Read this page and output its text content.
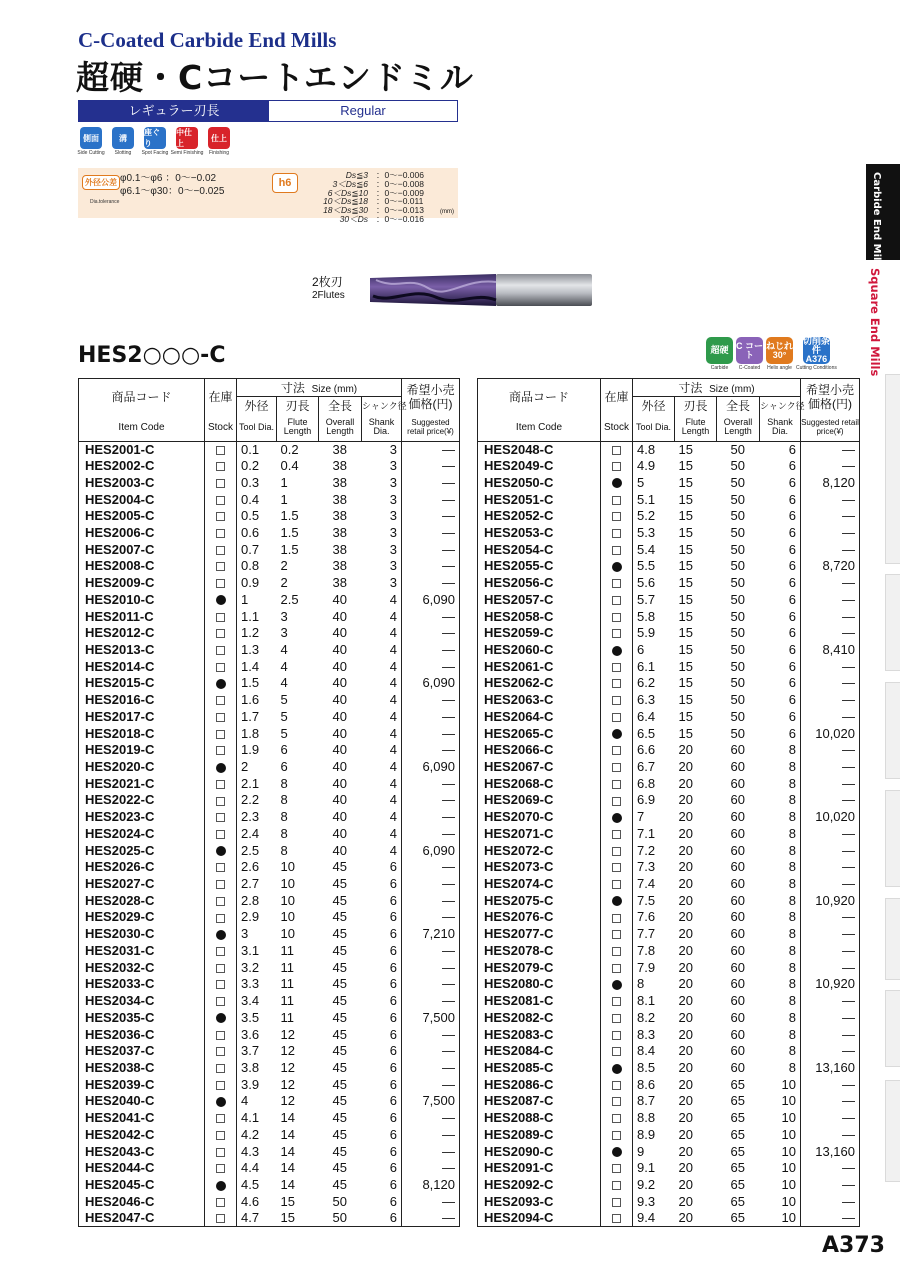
C-Coated Carbide End Mills
超硬・Cコートエンドミル
レギュラー刃長	Regular
側面
Side Cutting
溝
Slotting
座ぐり
Spot Facing
中仕上
Semi Finishing
仕上
Finishing
外径公差 φ0.1～φ6 ：0～−0.02
φ6.1～φ30：0～−0.025
Dia.tolerance
h6
Ds≦3 ：0～−0.006
3＜Ds≦6 ：0～−0.008
6＜Ds≦10 ：0～−0.009
10＜Ds≦18 ：0～−0.011
18＜Ds≦30 ：0～−0.013
30＜Ds ：0～−0.016
(mm)
2枚刃
2Flutes
HES2○○○-C	超硬
Carbide
C コート
C-Coated
ねじれ 30°
Helix angle
切削条件 A376
Cutting Conditions
Carbide End Mills
Square End Mills
商品コード	在庫	寸法 Size (mm)				希望小売価格(円)
		外径	刃長	全長	シャンク径	
Item Code	Stock	Tool Dia.	Flute Length	Overall Length	Shank Dia.	Suggested retail price(¥)
HES2001-C		0.1	0.2	38	3	―
HES2002-C		0.2	0.4	38	3	―
HES2003-C		0.3	1	38	3	―
HES2004-C		0.4	1	38	3	―
HES2005-C		0.5	1.5	38	3	―
HES2006-C		0.6	1.5	38	3	―
HES2007-C		0.7	1.5	38	3	―
HES2008-C		0.8	2	38	3	―
HES2009-C		0.9	2	38	3	―
HES2010-C		1	2.5	40	4	6,090
HES2011-C		1.1	3	40	4	―
HES2012-C		1.2	3	40	4	―
HES2013-C		1.3	4	40	4	―
HES2014-C		1.4	4	40	4	―
HES2015-C		1.5	4	40	4	6,090
HES2016-C		1.6	5	40	4	―
HES2017-C		1.7	5	40	4	―
HES2018-C		1.8	5	40	4	―
HES2019-C		1.9	6	40	4	―
HES2020-C		2	6	40	4	6,090
HES2021-C		2.1	8	40	4	―
HES2022-C		2.2	8	40	4	―
HES2023-C		2.3	8	40	4	―
HES2024-C		2.4	8	40	4	―
HES2025-C		2.5	8	40	4	6,090
HES2026-C		2.6	10	45	6	―
HES2027-C		2.7	10	45	6	―
HES2028-C		2.8	10	45	6	―
HES2029-C		2.9	10	45	6	―
HES2030-C		3	10	45	6	7,210
HES2031-C		3.1	11	45	6	―
HES2032-C		3.2	11	45	6	―
HES2033-C		3.3	11	45	6	―
HES2034-C		3.4	11	45	6	―
HES2035-C		3.5	11	45	6	7,500
HES2036-C		3.6	12	45	6	―
HES2037-C		3.7	12	45	6	―
HES2038-C		3.8	12	45	6	―
HES2039-C		3.9	12	45	6	―
HES2040-C		4	12	45	6	7,500
HES2041-C		4.1	14	45	6	―
HES2042-C		4.2	14	45	6	―
HES2043-C		4.3	14	45	6	―
HES2044-C		4.4	14	45	6	―
HES2045-C		4.5	14	45	6	8,120
HES2046-C		4.6	15	50	6	―
HES2047-C		4.7	15	50	6	―
商品コード	在庫	寸法 Size (mm)				希望小売価格(円)
		外径	刃長	全長	シャンク径	
Item Code	Stock	Tool Dia.	Flute Length	Overall Length	Shank Dia.	Suggested retail price(¥)
HES2048-C		4.8	15	50	6	―
HES2049-C		4.9	15	50	6	―
HES2050-C		5	15	50	6	8,120
HES2051-C		5.1	15	50	6	―
HES2052-C		5.2	15	50	6	―
HES2053-C		5.3	15	50	6	―
HES2054-C		5.4	15	50	6	―
HES2055-C		5.5	15	50	6	8,720
HES2056-C		5.6	15	50	6	―
HES2057-C		5.7	15	50	6	―
HES2058-C		5.8	15	50	6	―
HES2059-C		5.9	15	50	6	―
HES2060-C		6	15	50	6	8,410
HES2061-C		6.1	15	50	6	―
HES2062-C		6.2	15	50	6	―
HES2063-C		6.3	15	50	6	―
HES2064-C		6.4	15	50	6	―
HES2065-C		6.5	15	50	6	10,020
HES2066-C		6.6	20	60	8	―
HES2067-C		6.7	20	60	8	―
HES2068-C		6.8	20	60	8	―
HES2069-C		6.9	20	60	8	―
HES2070-C		7	20	60	8	10,020
HES2071-C		7.1	20	60	8	―
HES2072-C		7.2	20	60	8	―
HES2073-C		7.3	20	60	8	―
HES2074-C		7.4	20	60	8	―
HES2075-C		7.5	20	60	8	10,920
HES2076-C		7.6	20	60	8	―
HES2077-C		7.7	20	60	8	―
HES2078-C		7.8	20	60	8	―
HES2079-C		7.9	20	60	8	―
HES2080-C		8	20	60	8	10,920
HES2081-C		8.1	20	60	8	―
HES2082-C		8.2	20	60	8	―
HES2083-C		8.3	20	60	8	―
HES2084-C		8.4	20	60	8	―
HES2085-C		8.5	20	60	8	13,160
HES2086-C		8.6	20	65	10	―
HES2087-C		8.7	20	65	10	―
HES2088-C		8.8	20	65	10	―
HES2089-C		8.9	20	65	10	―
HES2090-C		9	20	65	10	13,160
HES2091-C		9.1	20	65	10	―
HES2092-C		9.2	20	65	10	―
HES2093-C		9.3	20	65	10	―
HES2094-C		9.4	20	65	10	―
A373
